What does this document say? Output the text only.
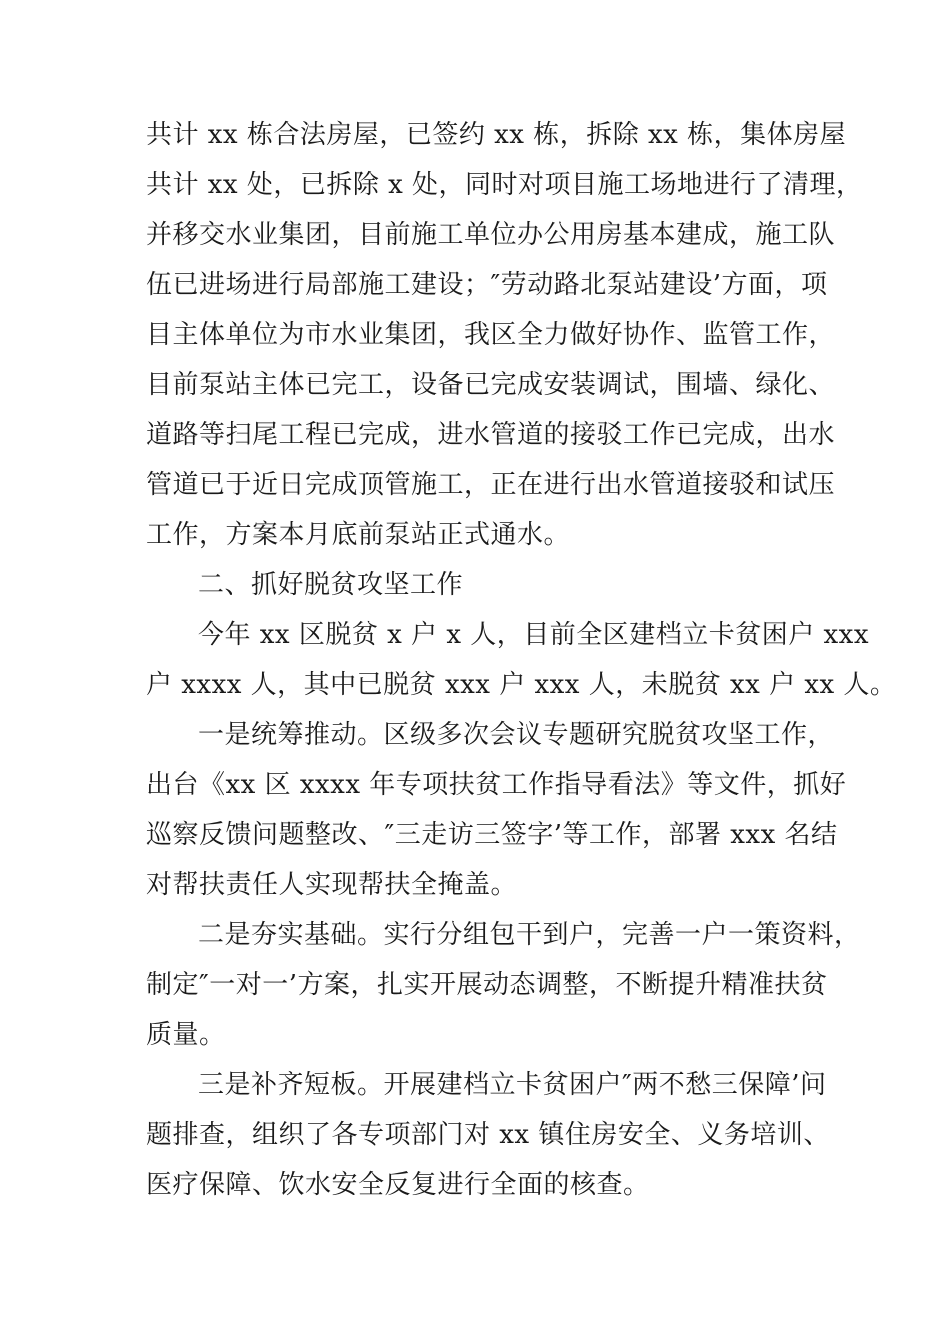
共计 xx 栋合法房屋，已签约 xx 栋，拆除 xx 栋，集体房屋
共计 xx 处，已拆除 x 处，同时对项目施工场地进行了清理，
并移交水业集团，目前施工单位办公用房基本建成，施工队
伍已进场进行局部施工建设；″劳动路北泵站建设’方面，项
目主体单位为市水业集团，我区全力做好协作、监管工作，
目前泵站主体已完工，设备已完成安装调试，围墙、绿化、
道路等扫尾工程已完成，进水管道的接驳工作已完成，出水
管道已于近日完成顶管施工，正在进行出水管道接驳和试压
工作，方案本月底前泵站正式通水。
二、抓好脱贫攻坚工作
今年 xx 区脱贫 x 户 x 人，目前全区建档立卡贫困户 xxx
户 xxxx 人，其中已脱贫 xxx 户 xxx 人，未脱贫 xx 户 xx 人。
一是统筹推动。区级多次会议专题研究脱贫攻坚工作，
出台《xx 区 xxxx 年专项扶贫工作指导看法》等文件，抓好
巡察反馈问题整改、″三走访三签字’等工作，部署 xxx 名结
对帮扶责任人实现帮扶全掩盖。
二是夯实基础。实行分组包干到户，完善一户一策资料，
制定″一对一’方案，扎实开展动态调整，不断提升精准扶贫
质量。
三是补齐短板。开展建档立卡贫困户″两不愁三保障’问
题排查，组织了各专项部门对 xx 镇住房安全、义务培训、
医疗保障、饮水安全反复进行全面的核查。
